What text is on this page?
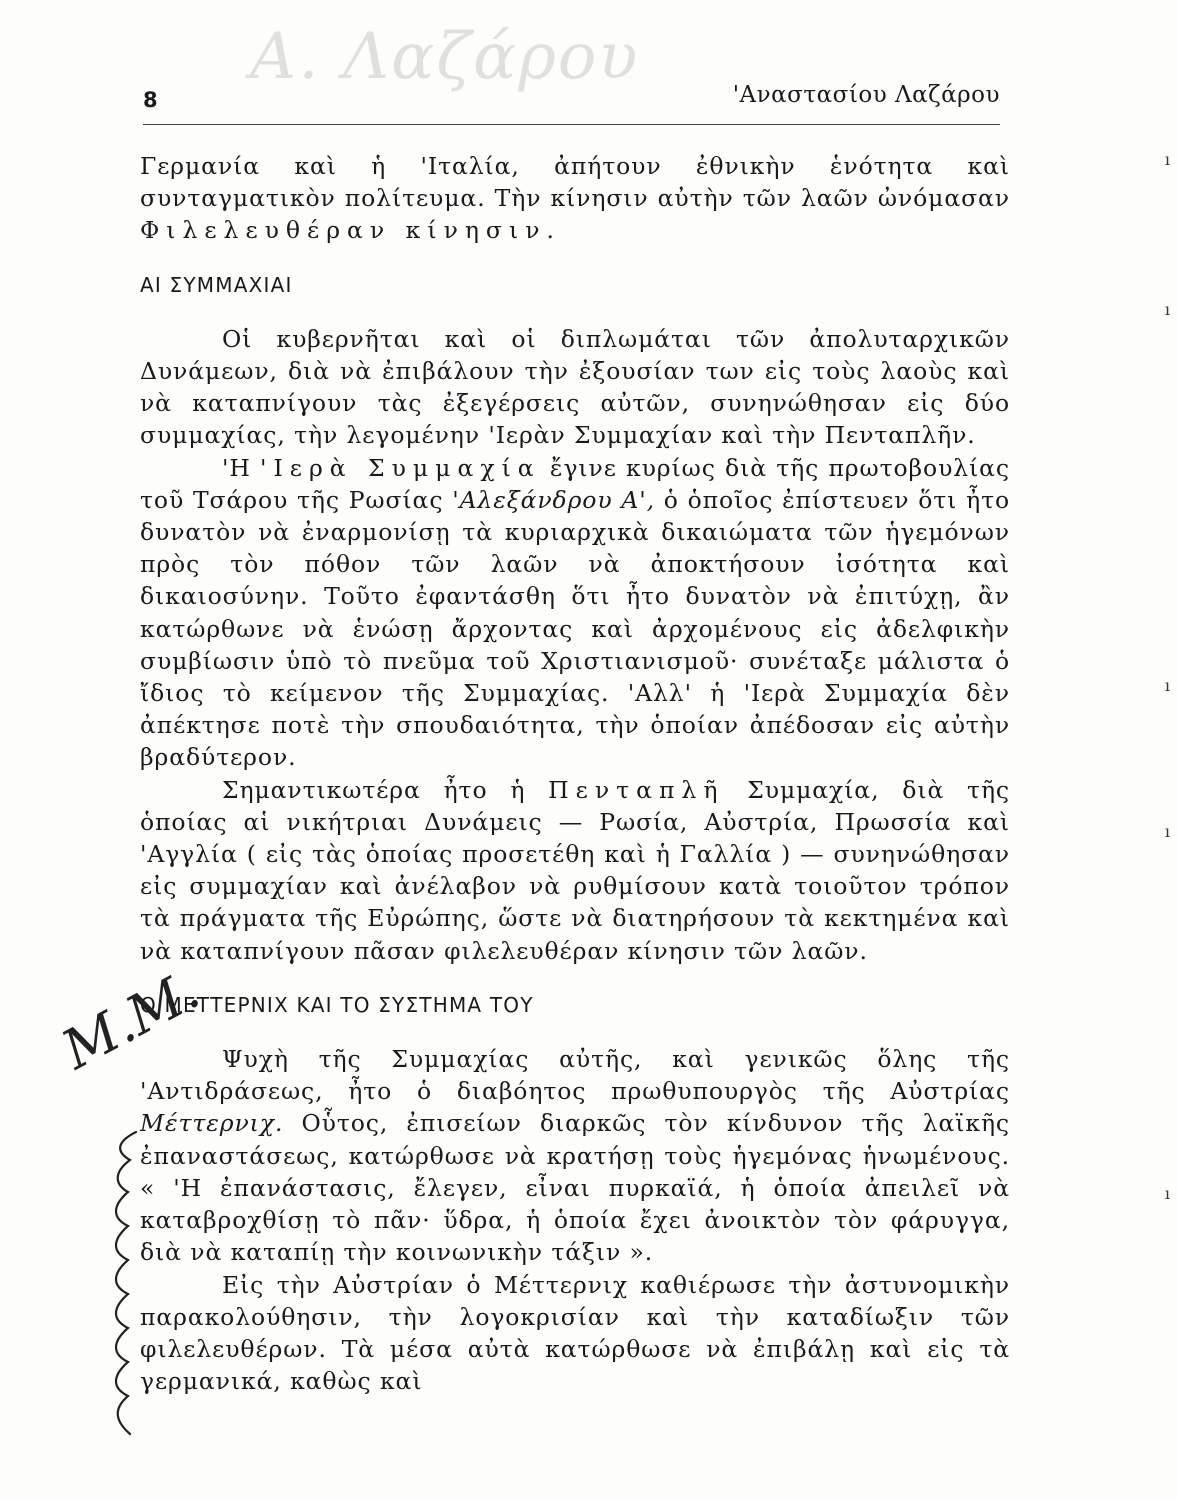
Α. Λαζάρου
8	'Αναστασίου Λαζάρου

Γερμανία καὶ ἡ 'Ιταλία, ἀπήτουν ἐθνικὴν ἑνότητα καὶ συνταγματικὸν πολίτευμα. Τὴν κίνησιν αὐτὴν τῶν λαῶν ὠνόμασαν Φιλελευθέραν κίνησιν.

ΑΙ ΣΥΜΜΑΧΙΑΙ

Οἱ κυβερνῆται καὶ οἱ διπλωμάται τῶν ἀπολυταρχικῶν Δυνάμεων, διὰ νὰ ἐπιβάλουν τὴν ἐξουσίαν των εἰς τοὺς λαοὺς καὶ νὰ καταπνίγουν τὰς ἐξεγέρσεις αὐτῶν, συνηνώθησαν εἰς δύο συμμαχίας, τὴν λεγομένην 'Ιερὰν Συμμαχίαν καὶ τὴν Πενταπλῆν.

'Η 'Ιερὰ Συμμαχία ἔγινε κυρίως διὰ τῆς πρωτοβουλίας τοῦ Τσάρου τῆς Ρωσίας 'Αλεξάνδρου Α', ὁ ὁποῖος ἐπίστευεν ὅτι ἦτο δυνατὸν νὰ ἐναρμονίσῃ τὰ κυριαρχικὰ δικαιώματα τῶν ἡγεμόνων πρὸς τὸν πόθον τῶν λαῶν νὰ ἀποκτήσουν ἰσότητα καὶ δικαιοσύνην. Τοῦτο ἐφαντάσθη ὅτι ἦτο δυνατὸν νὰ ἐπιτύχῃ, ἂν κατώρθωνε νὰ ἑνώσῃ ἄρχοντας καὶ ἀρχομένους εἰς ἀδελφικὴν συμβίωσιν ὑπὸ τὸ πνεῦμα τοῦ Χριστιανισμοῦ· συνέταξε μάλιστα ὁ ἴδιος τὸ κείμενον τῆς Συμμαχίας. 'Αλλ' ἡ 'Ιερὰ Συμμαχία δὲν ἀπέκτησε ποτὲ τὴν σπουδαιότητα, τὴν ὁποίαν ἀπέδοσαν εἰς αὐτὴν βραδύτερον.

Σημαντικωτέρα ἦτο ἡ Πενταπλῆ Συμμαχία, διὰ τῆς ὁποίας αἱ νικήτριαι Δυνάμεις — Ρωσία, Αὐστρία, Πρωσσία καὶ 'Αγγλία ( εἰς τὰς ὁποίας προσετέθη καὶ ἡ Γαλλία ) — συνηνώθησαν εἰς συμμαχίαν καὶ ἀνέλαβον νὰ ρυθμίσουν κατὰ τοιοῦτον τρόπον τὰ πράγματα τῆς Εὐρώπης, ὥστε νὰ διατηρήσουν τὰ κεκτημένα καὶ νὰ καταπνίγουν πᾶσαν φιλελευθέραν κίνησιν τῶν λαῶν.

Ο ΜΕΤΤΕΡΝΙΧ ΚΑΙ ΤΟ ΣΥΣΤΗΜΑ ΤΟΥ

Ψυχὴ τῆς Συμμαχίας αὐτῆς, καὶ γενικῶς ὅλης τῆς 'Αντιδράσεως, ἦτο ὁ διαβόητος πρωθυπουργὸς τῆς Αὐστρίας Μέττερνιχ. Οὗτος, ἐπισείων διαρκῶς τὸν κίνδυνον τῆς λαϊκῆς ἐπαναστάσεως, κατώρθωσε νὰ κρατήσῃ τοὺς ἡγεμόνας ἡνωμένους. « 'Η ἐπανάστασις, ἔλεγεν, εἶναι πυρκαϊά, ἡ ὁποία ἀπειλεῖ νὰ καταβροχθίσῃ τὸ πᾶν· ὕδρα, ἡ ὁποία ἔχει ἀνοικτὸν τὸν φάρυγγα, διὰ νὰ καταπίῃ τὴν κοινωνικὴν τάξιν ».

Εἰς τὴν Αὐστρίαν ὁ Μέττερνιχ καθιέρωσε τὴν ἀστυνομικὴν παρακολούθησιν, τὴν λογοκρισίαν καὶ τὴν καταδίωξιν τῶν φιλελευθέρων. Τὰ μέσα αὐτὰ κατώρθωσε νὰ ἐπιβάλῃ καὶ εἰς τὰ γερμανικά, καθὼς καὶ

Μ.Μ.
ı
ı
ı
ı
ı
